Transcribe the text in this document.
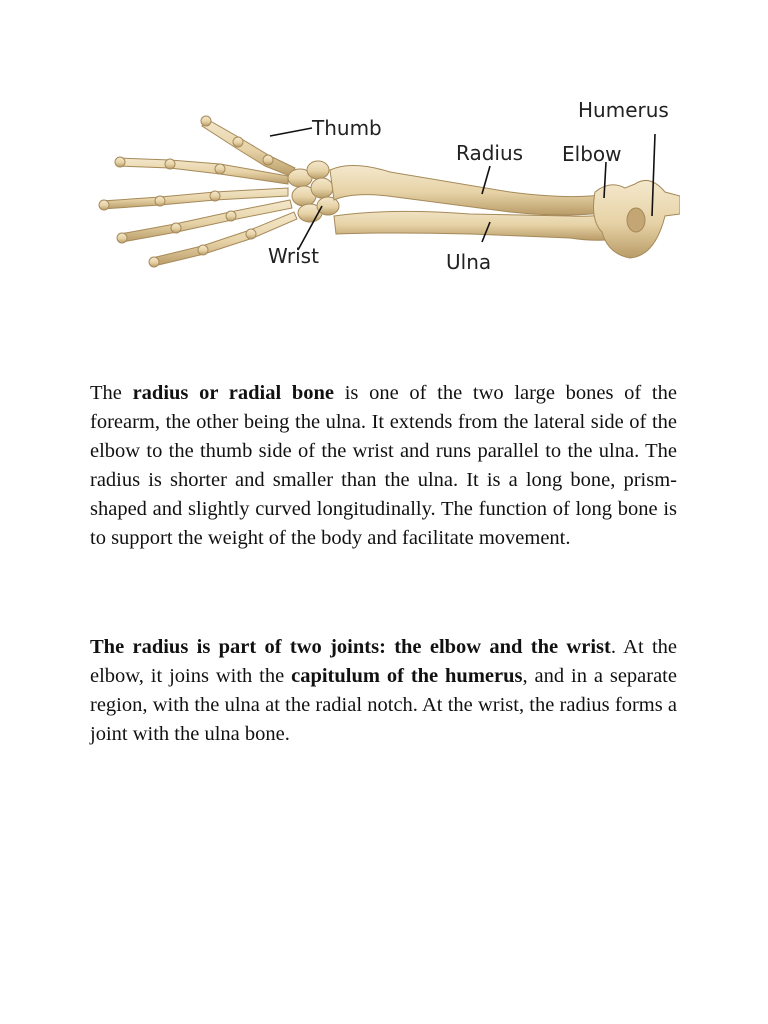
Thumb
Radius Elbow
Humerus
Wrist	Ulna

The radius or radial bone is one of the two large bones of the forearm, the other being the ulna. It extends from the lateral side of the elbow to the thumb side of the wrist and runs parallel to the ulna. The radius is shorter and smaller than the ulna. It is a long bone, prism-shaped and slightly curved longitudinally. The function of long bone is to support the weight of the body and facilitate movement.

The radius is part of two joints: the elbow and the wrist. At the elbow, it joins with the capitulum of the humerus, and in a separate region, with the ulna at the radial notch. At the wrist, the radius forms a joint with the ulna bone.
